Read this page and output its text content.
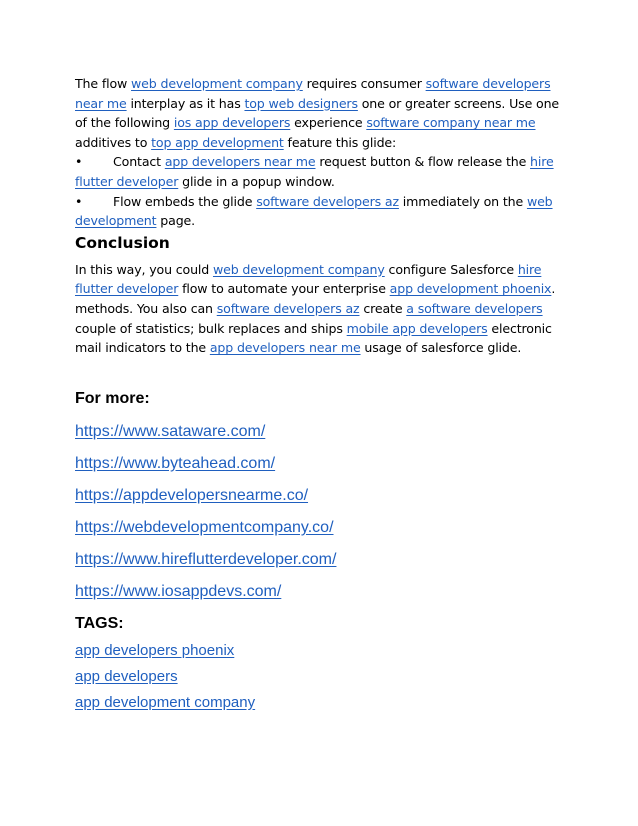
The flow web development company requires consumer software developers near me interplay as it has top web designers one or greater screens. Use one of the following ios app developers experience software company near me additives to top app development feature this glide:

• Contact app developers near me request button & flow release the hire flutter developer glide in a popup window.

• Flow embeds the glide software developers az immediately on the web development page.

Conclusion

In this way, you could web development company configure Salesforce hire flutter developer flow to automate your enterprise app development phoenix. methods. You also can software developers az create a software developers couple of statistics; bulk replaces and ships mobile app developers electronic mail indicators to the app developers near me usage of salesforce glide.

For more:
https://www.sataware.com/
https://www.byteahead.com/
https://appdevelopersnearme.co/
https://webdevelopmentcompany.co/
https://www.hireflutterdeveloper.com/
https://www.iosappdevs.com/
TAGS:
app developers phoenix
app developers
app development company
